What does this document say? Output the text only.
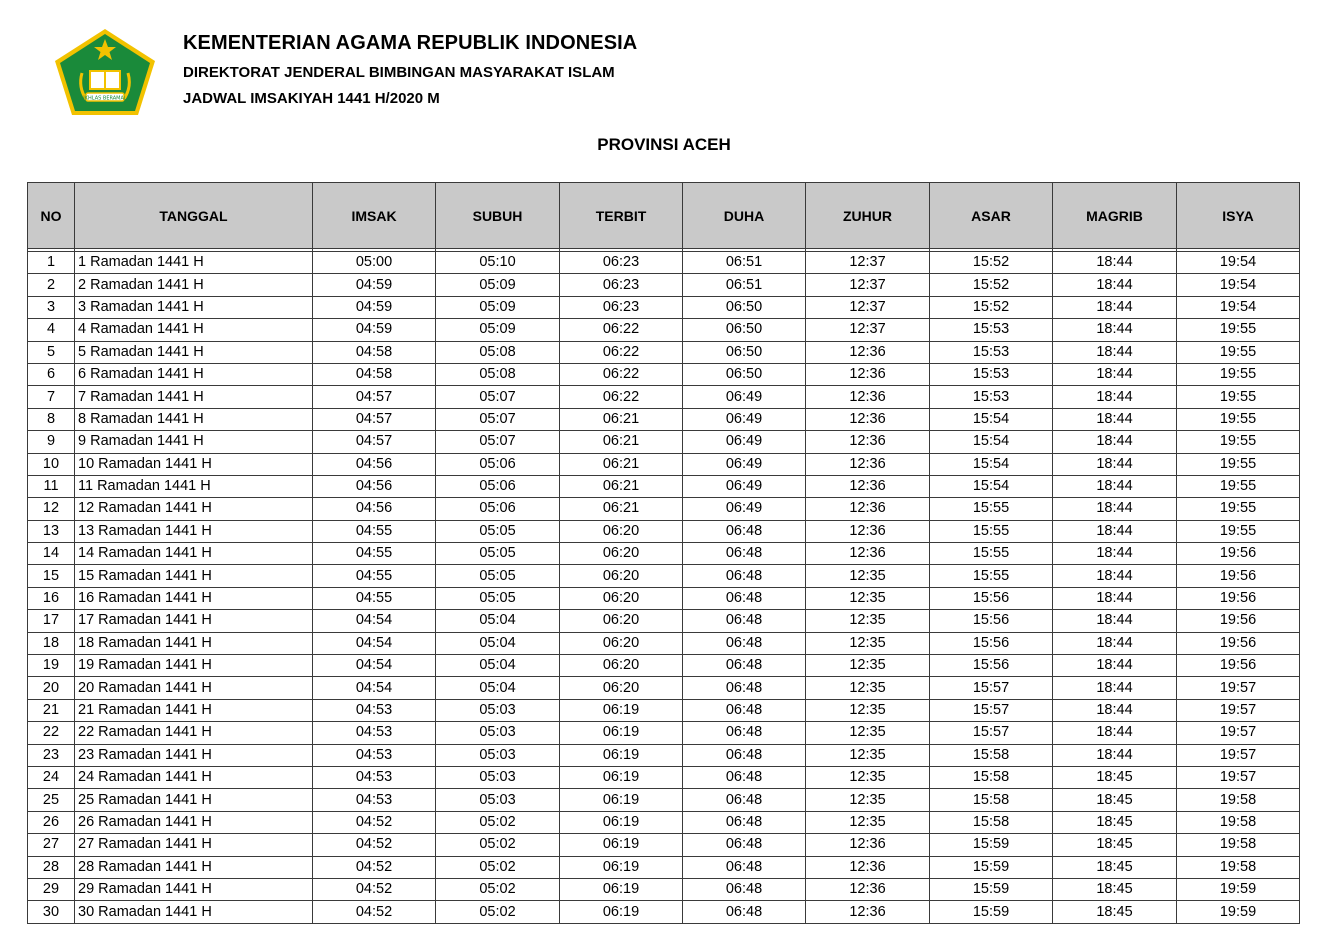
IKHLAS BERAMAL
KEMENTERIAN AGAMA REPUBLIK INDONESIA
DIREKTORAT JENDERAL BIMBINGAN MASYARAKAT ISLAM
JADWAL IMSAKIYAH 1441 H/2020 M
PROVINSI ACEH
NO	TANGGAL	IMSAK	SUBUH	TERBIT	DUHA	ZUHUR	ASAR	MAGRIB	ISYA

1	1 Ramadan 1441 H	05:00	05:10	06:23	06:51	12:37	15:52	18:44	19:54
2	2 Ramadan 1441 H	04:59	05:09	06:23	06:51	12:37	15:52	18:44	19:54
3	3 Ramadan 1441 H	04:59	05:09	06:23	06:50	12:37	15:52	18:44	19:54
4	4 Ramadan 1441 H	04:59	05:09	06:22	06:50	12:37	15:53	18:44	19:55
5	5 Ramadan 1441 H	04:58	05:08	06:22	06:50	12:36	15:53	18:44	19:55
6	6 Ramadan 1441 H	04:58	05:08	06:22	06:50	12:36	15:53	18:44	19:55
7	7 Ramadan 1441 H	04:57	05:07	06:22	06:49	12:36	15:53	18:44	19:55
8	8 Ramadan 1441 H	04:57	05:07	06:21	06:49	12:36	15:54	18:44	19:55
9	9 Ramadan 1441 H	04:57	05:07	06:21	06:49	12:36	15:54	18:44	19:55
10	10 Ramadan 1441 H	04:56	05:06	06:21	06:49	12:36	15:54	18:44	19:55
11	11 Ramadan 1441 H	04:56	05:06	06:21	06:49	12:36	15:54	18:44	19:55
12	12 Ramadan 1441 H	04:56	05:06	06:21	06:49	12:36	15:55	18:44	19:55
13	13 Ramadan 1441 H	04:55	05:05	06:20	06:48	12:36	15:55	18:44	19:55
14	14 Ramadan 1441 H	04:55	05:05	06:20	06:48	12:36	15:55	18:44	19:56
15	15 Ramadan 1441 H	04:55	05:05	06:20	06:48	12:35	15:55	18:44	19:56
16	16 Ramadan 1441 H	04:55	05:05	06:20	06:48	12:35	15:56	18:44	19:56
17	17 Ramadan 1441 H	04:54	05:04	06:20	06:48	12:35	15:56	18:44	19:56
18	18 Ramadan 1441 H	04:54	05:04	06:20	06:48	12:35	15:56	18:44	19:56
19	19 Ramadan 1441 H	04:54	05:04	06:20	06:48	12:35	15:56	18:44	19:56
20	20 Ramadan 1441 H	04:54	05:04	06:20	06:48	12:35	15:57	18:44	19:57
21	21 Ramadan 1441 H	04:53	05:03	06:19	06:48	12:35	15:57	18:44	19:57
22	22 Ramadan 1441 H	04:53	05:03	06:19	06:48	12:35	15:57	18:44	19:57
23	23 Ramadan 1441 H	04:53	05:03	06:19	06:48	12:35	15:58	18:44	19:57
24	24 Ramadan 1441 H	04:53	05:03	06:19	06:48	12:35	15:58	18:45	19:57
25	25 Ramadan 1441 H	04:53	05:03	06:19	06:48	12:35	15:58	18:45	19:58
26	26 Ramadan 1441 H	04:52	05:02	06:19	06:48	12:35	15:58	18:45	19:58
27	27 Ramadan 1441 H	04:52	05:02	06:19	06:48	12:36	15:59	18:45	19:58
28	28 Ramadan 1441 H	04:52	05:02	06:19	06:48	12:36	15:59	18:45	19:58
29	29 Ramadan 1441 H	04:52	05:02	06:19	06:48	12:36	15:59	18:45	19:59
30	30 Ramadan 1441 H	04:52	05:02	06:19	06:48	12:36	15:59	18:45	19:59
